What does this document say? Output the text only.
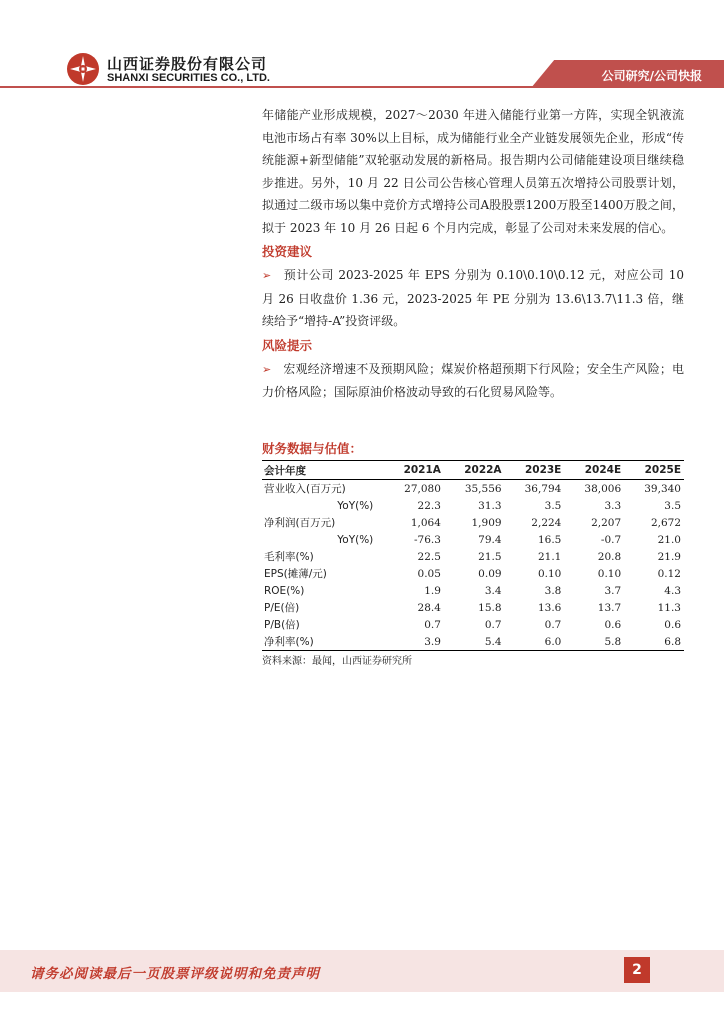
山西证券股份有限公司
SHANXI SECURITIES CO., LTD.	公司研究/公司快报

年储能产业形成规模，2027～2030 年进入储能行业第一方阵，实现全钒液流电池市场占有率 30%以上目标，成为储能行业全产业链发展领先企业，形成“传统能源+新型储能”双轮驱动发展的新格局。报告期内公司储能建设项目继续稳步推进。另外，10 月 22 日公司公告核心管理人员第五次增持公司股票计划，拟通过二级市场以集中竞价方式增持公司A股股票1200万股至1400万股之间，拟于 2023 年 10 月 26 日起 6 个月内完成，彰显了公司对未来发展的信心。

投资建议

➢ 预计公司 2023-2025 年 EPS 分别为 0.10\0.10\0.12 元，对应公司 10 月 26 日收盘价 1.36 元，2023-2025 年 PE 分别为 13.6\13.7\11.3 倍，继续给予“增持-A”投资评级。

风险提示

➢ 宏观经济增速不及预期风险；煤炭价格超预期下行风险；安全生产风险；电力价格风险；国际原油价格波动导致的石化贸易风险等。

财务数据与估值：
会计年度	2021A	2022A	2023E	2024E	2025E
营业收入(百万元)	27,080	35,556	36,794	38,006	39,340
YoY(%)	22.3	31.3	3.5	3.3	3.5
净利润(百万元)	1,064	1,909	2,224	2,207	2,672
YoY(%)	-76.3	79.4	16.5	-0.7	21.0
毛利率(%)	22.5	21.5	21.1	20.8	21.9
EPS(摊薄/元)	0.05	0.09	0.10	0.10	0.12
ROE(%)	1.9	3.4	3.8	3.7	4.3
P/E(倍)	28.4	15.8	13.6	13.7	11.3
P/B(倍)	0.7	0.7	0.7	0.6	0.6
净利率(%)	3.9	5.4	6.0	5.8	6.8
资料来源：最闻，山西证券研究所
请务必阅读最后一页股票评级说明和免责声明	2
